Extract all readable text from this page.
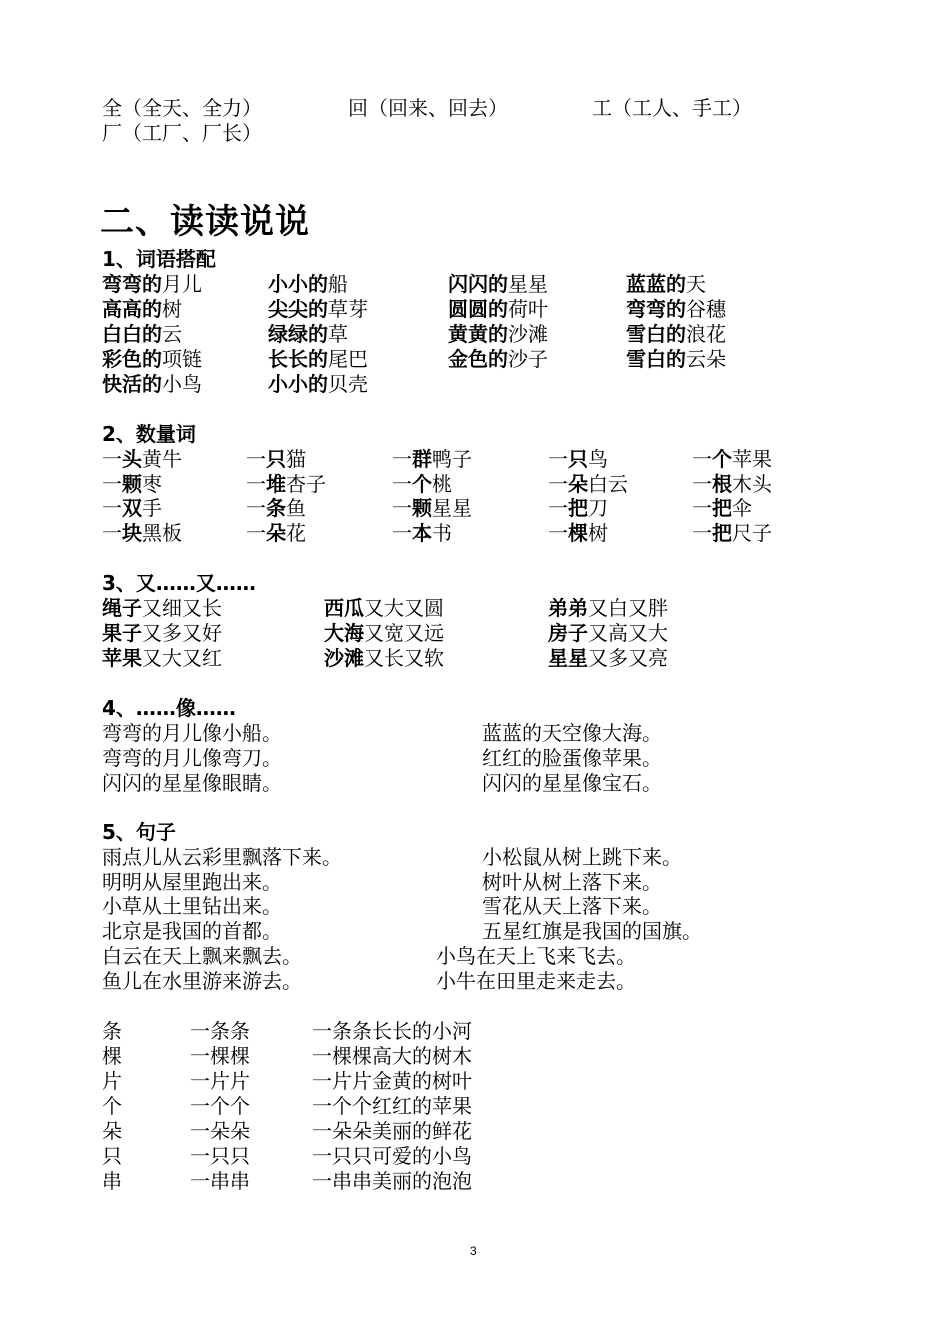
全（全天、全力）	回（回来、回去）	工（工人、手工）
厂（工厂、厂长）
二、读读说说
1、词语搭配
弯弯的月儿	小小的船	闪闪的星星	蓝蓝的天
高高的树	尖尖的草芽	圆圆的荷叶	弯弯的谷穗
白白的云	绿绿的草	黄黄的沙滩	雪白的浪花
彩色的项链	长长的尾巴	金色的沙子	雪白的云朵
快活的小鸟	小小的贝壳
2、数量词
一头黄牛	一只猫	一群鸭子	一只鸟	一个苹果
一颗枣	一堆杏子	一个桃	一朵白云	一根木头
一双手	一条鱼	一颗星星	一把刀	一把伞
一块黑板	一朵花	一本书	一棵树	一把尺子
3、又……又……
绳子又细又长	西瓜又大又圆	弟弟又白又胖
果子又多又好	大海又宽又远	房子又高又大
苹果又大又红	沙滩又长又软	星星又多又亮
4、……像……
弯弯的月儿像小船。	蓝蓝的天空像大海。
弯弯的月儿像弯刀。	红红的脸蛋像苹果。
闪闪的星星像眼睛。	闪闪的星星像宝石。
5、句子
雨点儿从云彩里飘落下来。	小松鼠从树上跳下来。
明明从屋里跑出来。	树叶从树上落下来。
小草从土里钻出来。	雪花从天上落下来。
北京是我国的首都。	五星红旗是我国的国旗。
白云在天上飘来飘去。	小鸟在天上飞来飞去。
鱼儿在水里游来游去。	小牛在田里走来走去。
条	一条条	一条条长长的小河
棵	一棵棵	一棵棵高大的树木
片	一片片	一片片金黄的树叶
个	一个个	一个个红红的苹果
朵	一朵朵	一朵朵美丽的鲜花
只	一只只	一只只可爱的小鸟
串	一串串	一串串美丽的泡泡
3
